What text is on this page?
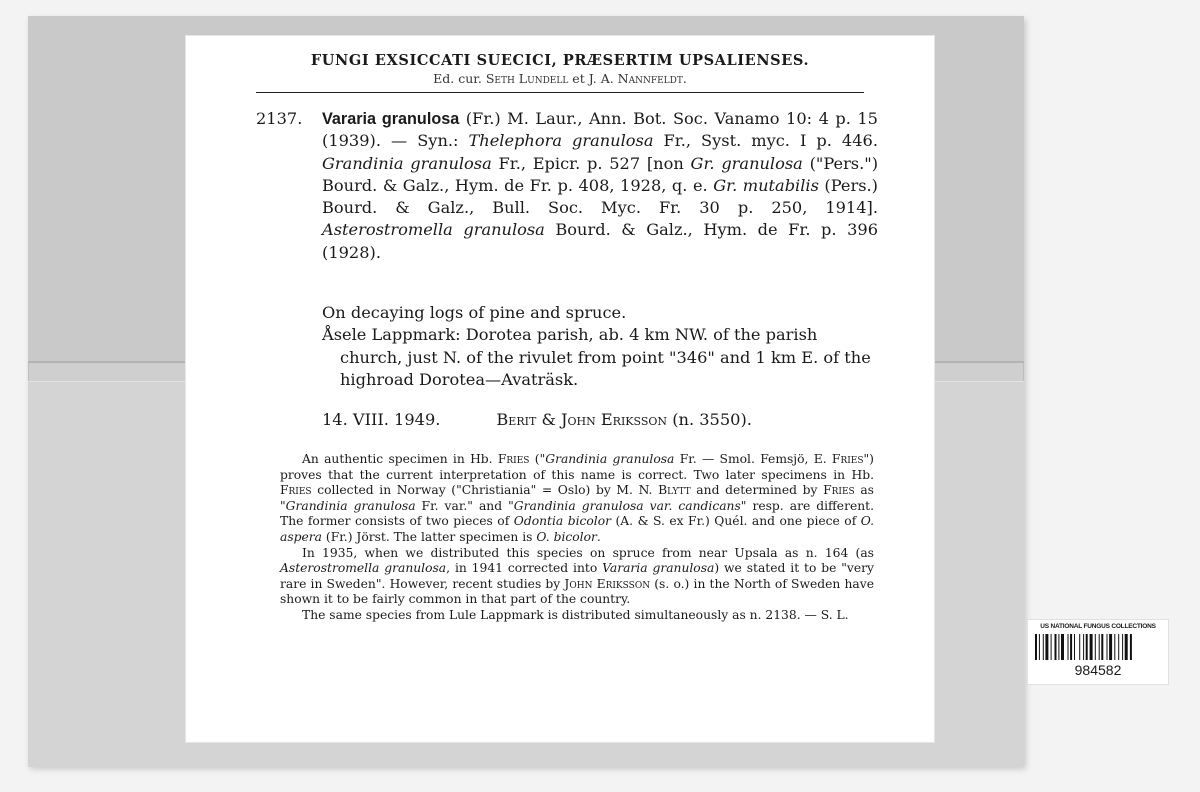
FUNGI EXSICCATI SUECICI, PRÆSERTIM UPSALIENSES.
Ed. cur. Seth Lundell et J. A. Nannfeldt.
2137. Vararia granulosa (Fr.) M. Laur., Ann. Bot. Soc. Vanamo 10: 4 p. 15 (1939). — Syn.: Thelephora granulosa Fr., Syst. myc. I p. 446. Grandinia granulosa Fr., Epicr. p. 527 [non Gr. granulosa ("Pers.") Bourd. & Galz., Hym. de Fr. p. 408, 1928, q. e. Gr. mutabilis (Pers.) Bourd. & Galz., Bull. Soc. Myc. Fr. 30 p. 250, 1914]. Asterostromella granulosa Bourd. & Galz., Hym. de Fr. p. 396 (1928).
On decaying logs of pine and spruce.
Åsele Lappmark: Dorotea parish, ab. 4 km NW. of the parish church, just N. of the rivulet from point "346" and 1 km E. of the highroad Dorotea—Avaträsk.
14. VIII. 1949.	Berit & John Eriksson (n. 3550).

An authentic specimen in Hb. Fries ("Grandinia granulosa Fr. — Smol. Femsjö, E. Fries") proves that the current interpretation of this name is correct. Two later specimens in Hb. Fries collected in Norway ("Christiania" = Oslo) by M. N. Blytt and determined by Fries as "Grandinia granulosa Fr. var." and "Grandinia granulosa var. candicans" resp. are different. The former consists of two pieces of Odontia bicolor (A. & S. ex Fr.) Quél. and one piece of O. aspera (Fr.) Jörst. The latter specimen is O. bicolor.

In 1935, when we distributed this species on spruce from near Upsala as n. 164 (as Asterostromella granulosa, in 1941 corrected into Vararia granulosa) we stated it to be "very rare in Sweden". However, recent studies by John Eriksson (s. o.) in the North of Sweden have shown it to be fairly common in that part of the country.

The same species from Lule Lappmark is distributed simultaneously as n. 2138. — S. L.

US NATIONAL FUNGUS COLLECTIONS
984582
